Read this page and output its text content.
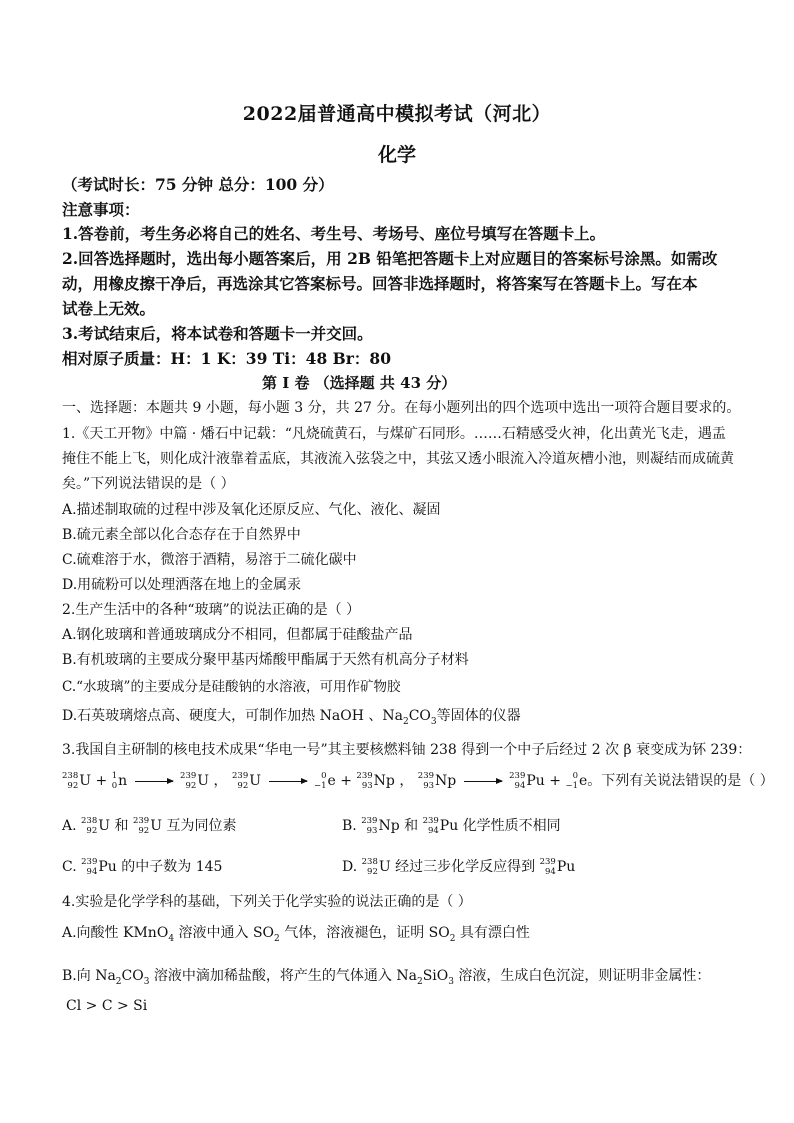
2022届普通高中模拟考试（河北）
化学
（考试时长：75 分钟 总分：100 分）
注意事项：
1.答卷前，考生务必将自己的姓名、考生号、考场号、座位号填写在答题卡上。
2.回答选择题时，选出每小题答案后，用 2B 铅笔把答题卡上对应题目的答案标号涂黑。如需改
动，用橡皮擦干净后，再选涂其它答案标号。回答非选择题时，将答案写在答题卡上。写在本
试卷上无效。
3.考试结束后，将本试卷和答题卡一并交回。
相对原子质量：H：1 K：39 Ti：48 Br：80
第 I 卷 （选择题 共 43 分）
一、选择题：本题共 9 小题，每小题 3 分，共 27 分。在每小题列出的四个选项中选出一项符合题目要求的。
1.《天工开物》中篇 · 燔石中记载：“凡烧硫黄石，与煤矿石同形。……石精感受火神，化出黄光飞走，遇盂
掩住不能上飞，则化成汁液靠着盂底，其液流入弦袋之中，其弦又透小眼流入冷道灰槽小池，则凝结而成硫黄
矣。”下列说法错误的是（ ）
A.描述制取硫的过程中涉及氧化还原反应、气化、液化、凝固
B.硫元素全部以化合态存在于自然界中
C.硫难溶于水，微溶于酒精，易溶于二硫化碳中
D.用硫粉可以处理洒落在地上的金属汞
2.生产生活中的各种“玻璃”的说法正确的是（ ）
A.钢化玻璃和普通玻璃成分不相同，但都属于硅酸盐产品
B.有机玻璃的主要成分聚甲基丙烯酸甲酯属于天然有机高分子材料
C.“水玻璃”的主要成分是硅酸钠的水溶液，可用作矿物胶
D.石英玻璃熔点高、硬度大，可制作加热 NaOH 、$Na_2CO_3$等固体的仪器
3.我国自主研制的核电技术成果“华电一号”其主要核燃料铀 238 得到一个中子后经过 2 次 β 衰变成为钚 239：
238
92 U + 1
0 n → 239
92 U ， 239
92 U →	0
−1 e + 239
93 Np ， 239
93 Np → 239
94 Pu + 0
−1 e。下列有关说法错误的是（ ）
A. 238
92 U 和 239
92 U 互为同位素	B. 239
93 Np 和 239
94 Pu 化学性质不相同
C. 239
94 Pu 的中子数为 145	D. 238
92 U 经过三步化学反应得到 239
94 Pu
4.实验是化学学科的基础，下列关于化学实验的说法正确的是（ ）
A.向酸性 KMnO$_4$ 溶液中通入 $SO_2$ 气体，溶液褪色，证明 $SO_2$ 具有漂白性
B.向 $Na_2CO_3$ 溶液中滴加稀盐酸，将产生的气体通入 $Na_2SiO_3$ 溶液，生成白色沉淀，则证明非金属性：
Cl > C > Si
